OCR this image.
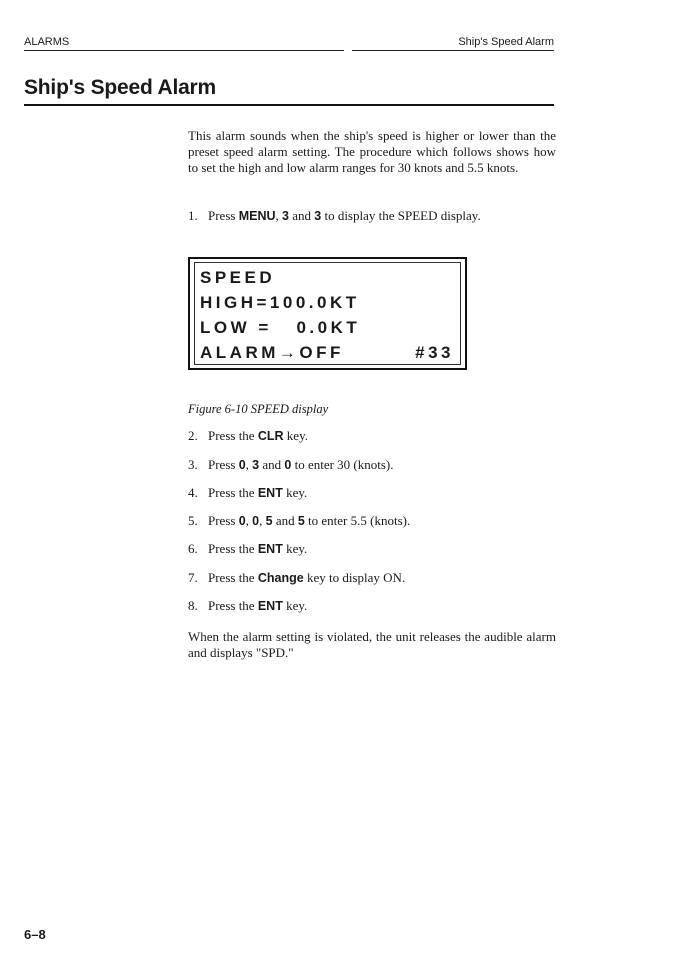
ALARMS	Ship's Speed Alarm
Ship's Speed Alarm
This alarm sounds when the ship's speed is higher or lower than the preset speed alarm setting. The procedure which follows shows how to set the high and low alarm ranges for 30 knots and 5.5 knots.
1. Press MENU, 3 and 3 to display the SPEED display.
SPEED
HIGH=100.0KT
LOW =   0.0KT
ALARM→OFF	#33
Figure 6-10 SPEED display
2. Press the CLR key.
3. Press 0, 3 and 0 to enter 30 (knots).
4. Press the ENT key.
5. Press 0, 0, 5 and 5 to enter 5.5 (knots).
6. Press the ENT key.
7. Press the Change key to display ON.
8. Press the ENT key.
When the alarm setting is violated, the unit releases the audible alarm and displays "SPD."
6–8
